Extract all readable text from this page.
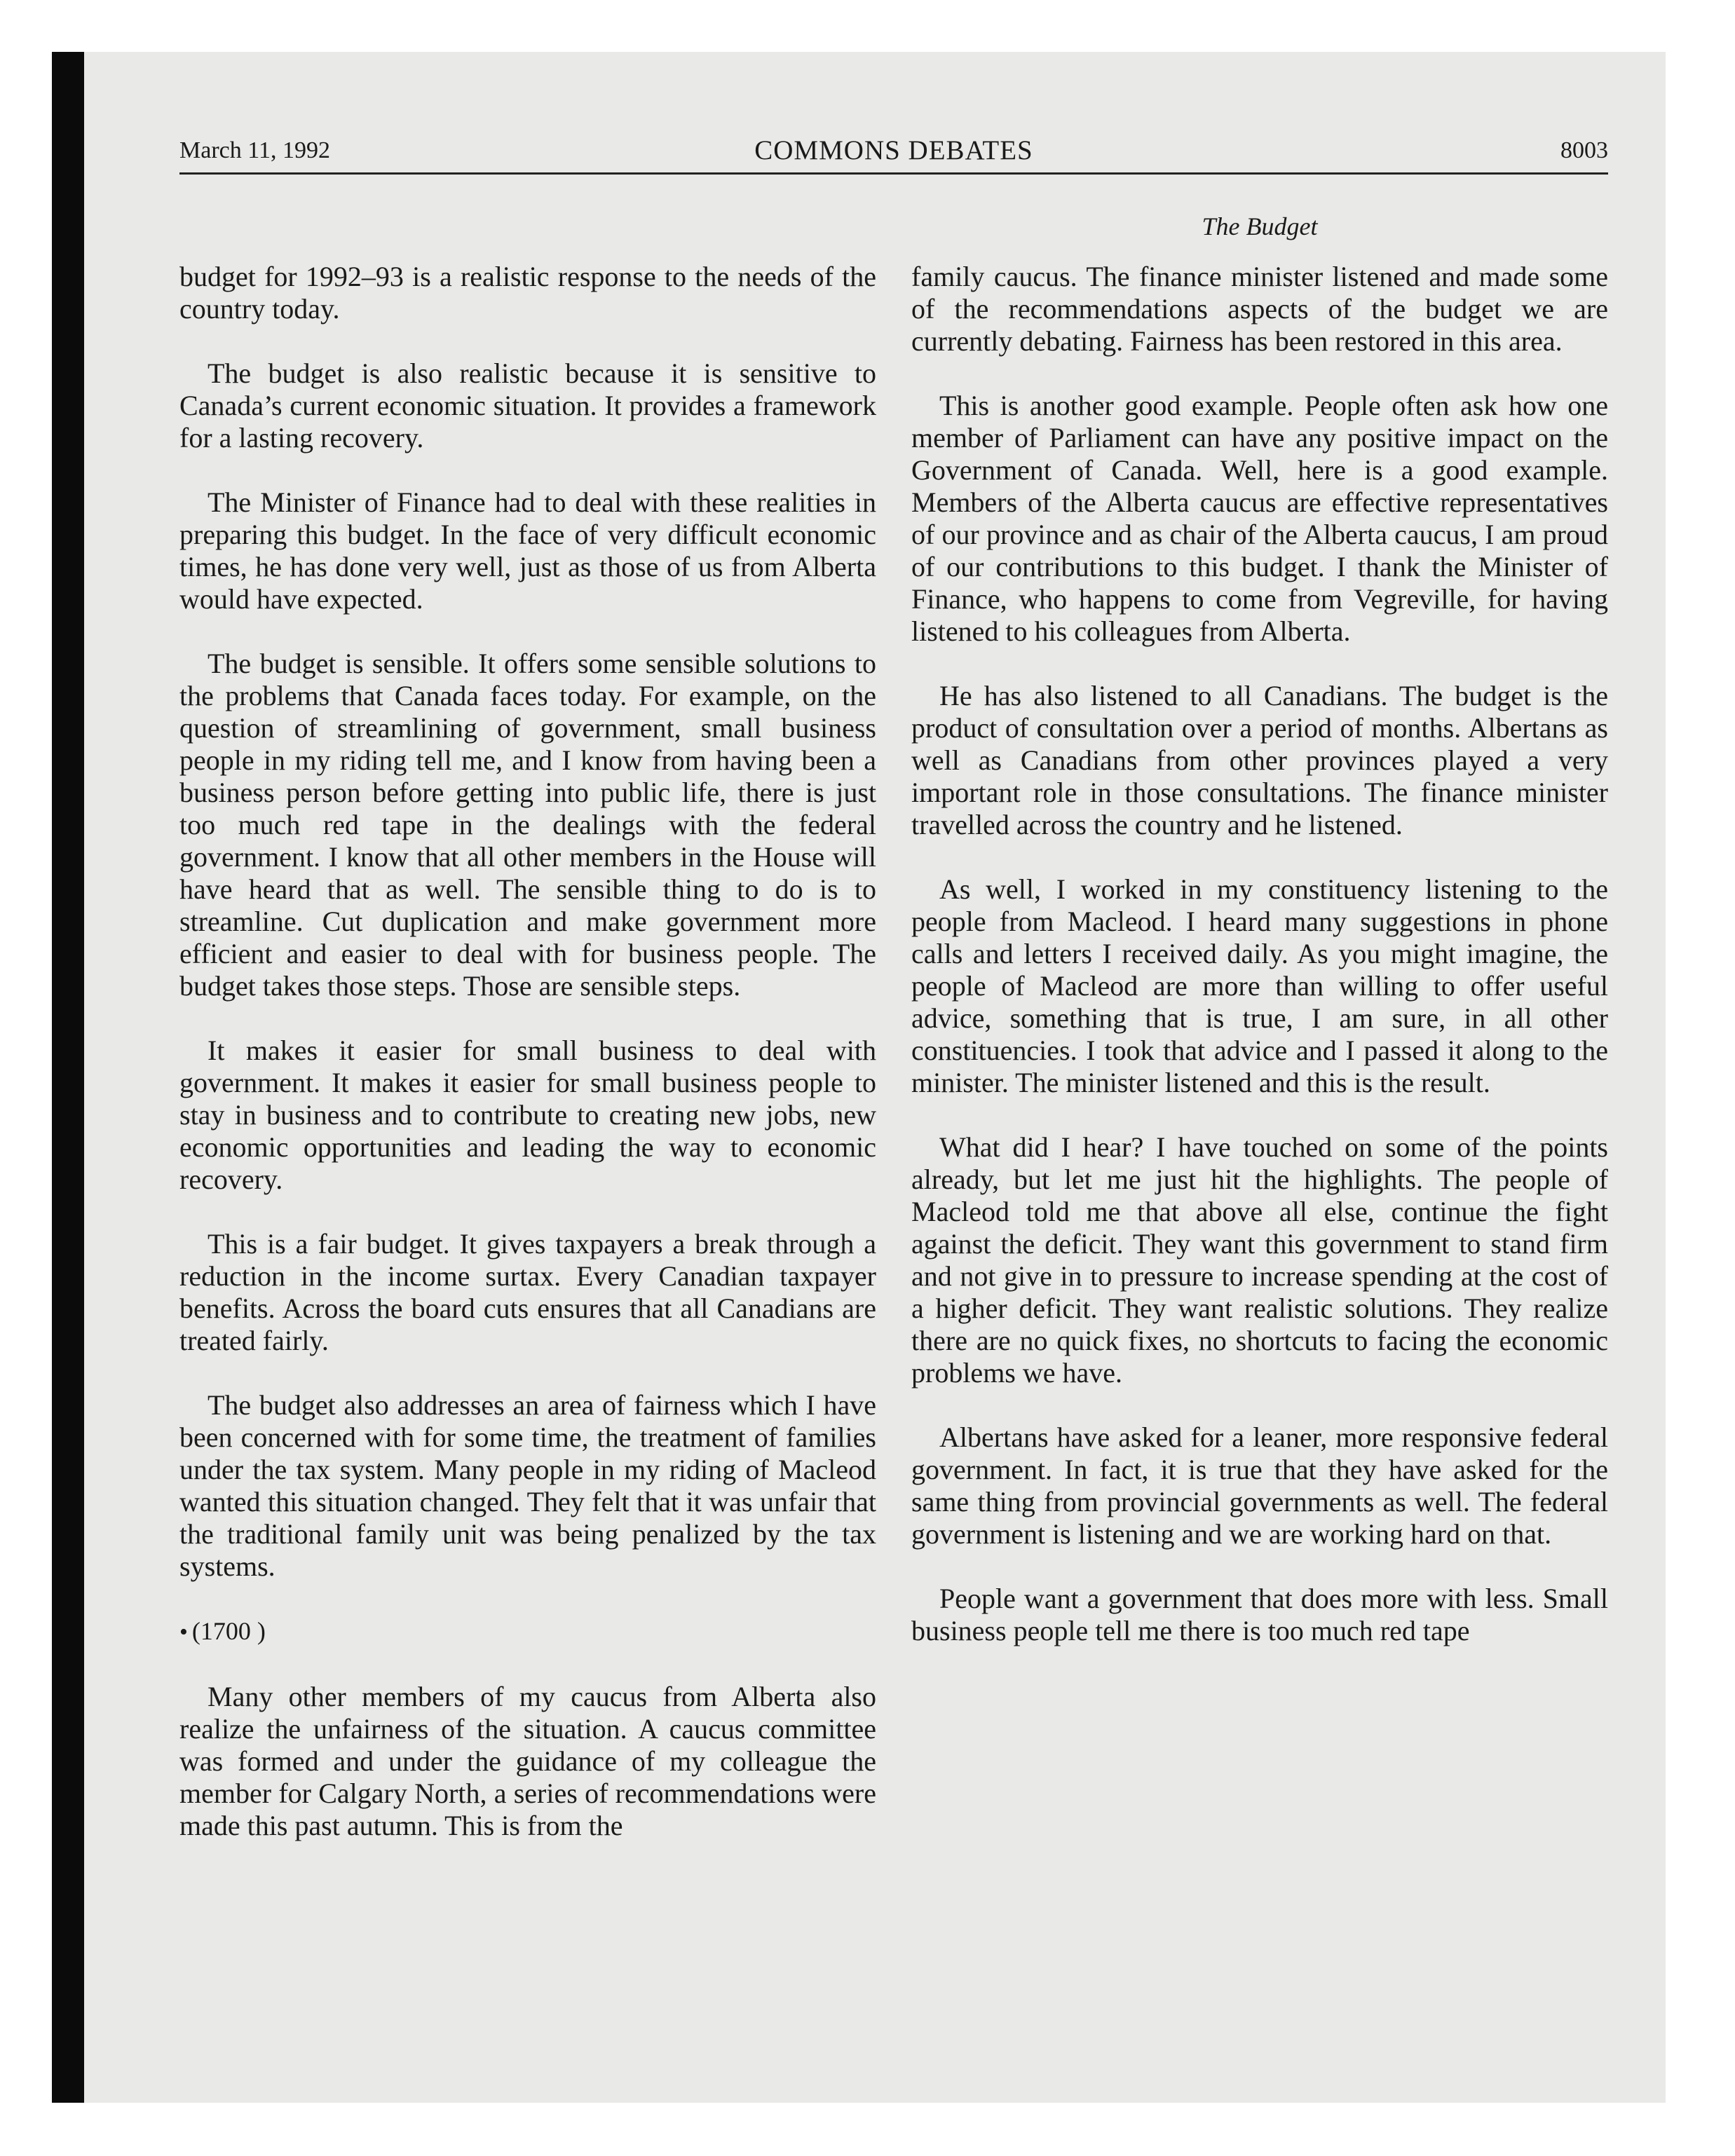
March 11, 1992	COMMONS DEBATES	8003
The Budget

budget for 1992–93 is a realistic response to the needs of the country today.

The budget is also realistic because it is sensitive to Canada’s current economic situation. It provides a framework for a lasting recovery.

The Minister of Finance had to deal with these realities in preparing this budget. In the face of very difficult economic times, he has done very well, just as those of us from Alberta would have expected.

The budget is sensible. It offers some sensible solutions to the problems that Canada faces today. For example, on the question of streamlining of government, small business people in my riding tell me, and I know from having been a business person before getting into public life, there is just too much red tape in the dealings with the federal government. I know that all other members in the House will have heard that as well. The sensible thing to do is to streamline. Cut duplication and make government more efficient and easier to deal with for business people. The budget takes those steps. Those are sensible steps.

It makes it easier for small business to deal with government. It makes it easier for small business people to stay in business and to contribute to creating new jobs, new economic opportunities and leading the way to economic recovery.

This is a fair budget. It gives taxpayers a break through a reduction in the income surtax. Every Canadian taxpayer benefits. Across the board cuts ensures that all Canadians are treated fairly.

The budget also addresses an area of fairness which I have been concerned with for some time, the treatment of families under the tax system. Many people in my riding of Macleod wanted this situation changed. They felt that it was unfair that the traditional family unit was being penalized by the tax systems.

• (1700 )

Many other members of my caucus from Alberta also realize the unfairness of the situation. A caucus committee was formed and under the guidance of my colleague the member for Calgary North, a series of recommendations were made this past autumn. This is from the

family caucus. The finance minister listened and made some of the recommendations aspects of the budget we are currently debating. Fairness has been restored in this area.

This is another good example. People often ask how one member of Parliament can have any positive impact on the Government of Canada. Well, here is a good example. Members of the Alberta caucus are effective representatives of our province and as chair of the Alberta caucus, I am proud of our contributions to this budget. I thank the Minister of Finance, who happens to come from Vegreville, for having listened to his colleagues from Alberta.

He has also listened to all Canadians. The budget is the product of consultation over a period of months. Albertans as well as Canadians from other provinces played a very important role in those consultations. The finance minister travelled across the country and he listened.

As well, I worked in my constituency listening to the people from Macleod. I heard many suggestions in phone calls and letters I received daily. As you might imagine, the people of Macleod are more than willing to offer useful advice, something that is true, I am sure, in all other constituencies. I took that advice and I passed it along to the minister. The minister listened and this is the result.

What did I hear? I have touched on some of the points already, but let me just hit the highlights. The people of Macleod told me that above all else, continue the fight against the deficit. They want this government to stand firm and not give in to pressure to increase spending at the cost of a higher deficit. They want realistic solutions. They realize there are no quick fixes, no shortcuts to facing the economic problems we have.

Albertans have asked for a leaner, more responsive federal government. In fact, it is true that they have asked for the same thing from provincial governments as well. The federal government is listening and we are working hard on that.

People want a government that does more with less. Small business people tell me there is too much red tape
